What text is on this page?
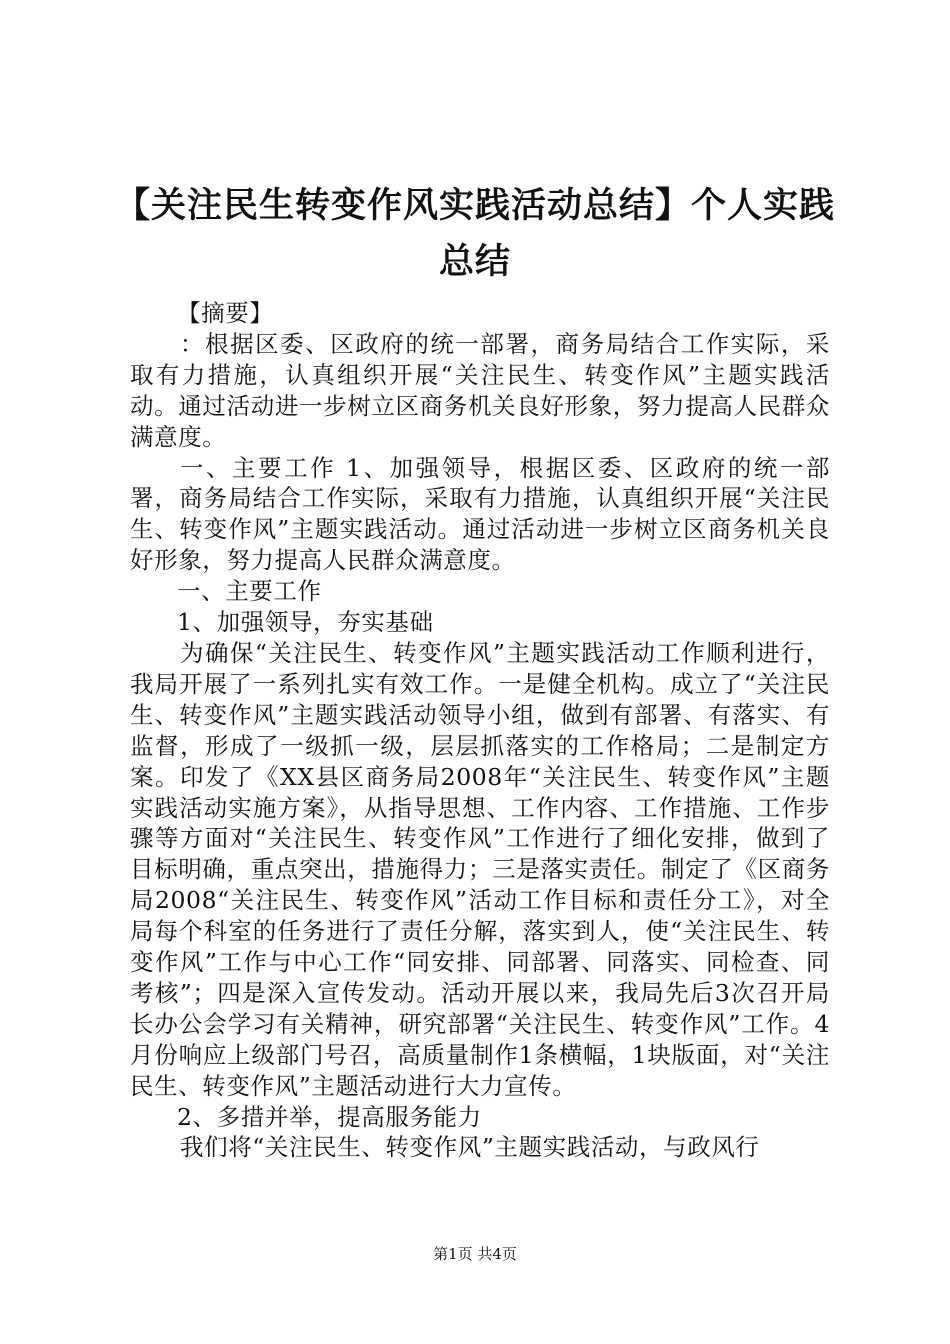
【关注民生转变作风实践活动总结】个人实践总结

【摘要】

：根据区委、区政府的统一部署，商务局结合工作实际，采取有力措施，认真组织开展“关注民生、转变作风”主题实践活动。通过活动进一步树立区商务机关良好形象，努力提高人民群众满意度。

一、主要工作 1、加强领导，根据区委、区政府的统一部署，商务局结合工作实际，采取有力措施，认真组织开展“关注民生、转变作风”主题实践活动。通过活动进一步树立区商务机关良好形象，努力提高人民群众满意度。

一、主要工作

1、加强领导，夯实基础

为确保“关注民生、转变作风”主题实践活动工作顺利进行，我局开展了一系列扎实有效工作。一是健全机构。成立了“关注民生、转变作风”主题实践活动领导小组，做到有部署、有落实、有监督，形成了一级抓一级，层层抓落实的工作格局；二是制定方案。印发了《XX县区商务局2008年“关注民生、转变作风”主题实践活动实施方案》，从指导思想、工作内容、工作措施、工作步骤等方面对“关注民生、转变作风”工作进行了细化安排，做到了目标明确，重点突出，措施得力；三是落实责任。制定了《区商务局2008“关注民生、转变作风”活动工作目标和责任分工》，对全局每个科室的任务进行了责任分解，落实到人，使“关注民生、转变作风”工作与中心工作“同安排、同部署、同落实、同检查、同考核”；四是深入宣传发动。活动开展以来，我局先后3次召开局长办公会学习有关精神，研究部署“关注民生、转变作风”工作。4月份响应上级部门号召，高质量制作1条横幅，1块版面，对“关注民生、转变作风”主题活动进行大力宣传。

2、多措并举，提高服务能力

我们将“关注民生、转变作风”主题实践活动，与政风行

第1页 共4页
